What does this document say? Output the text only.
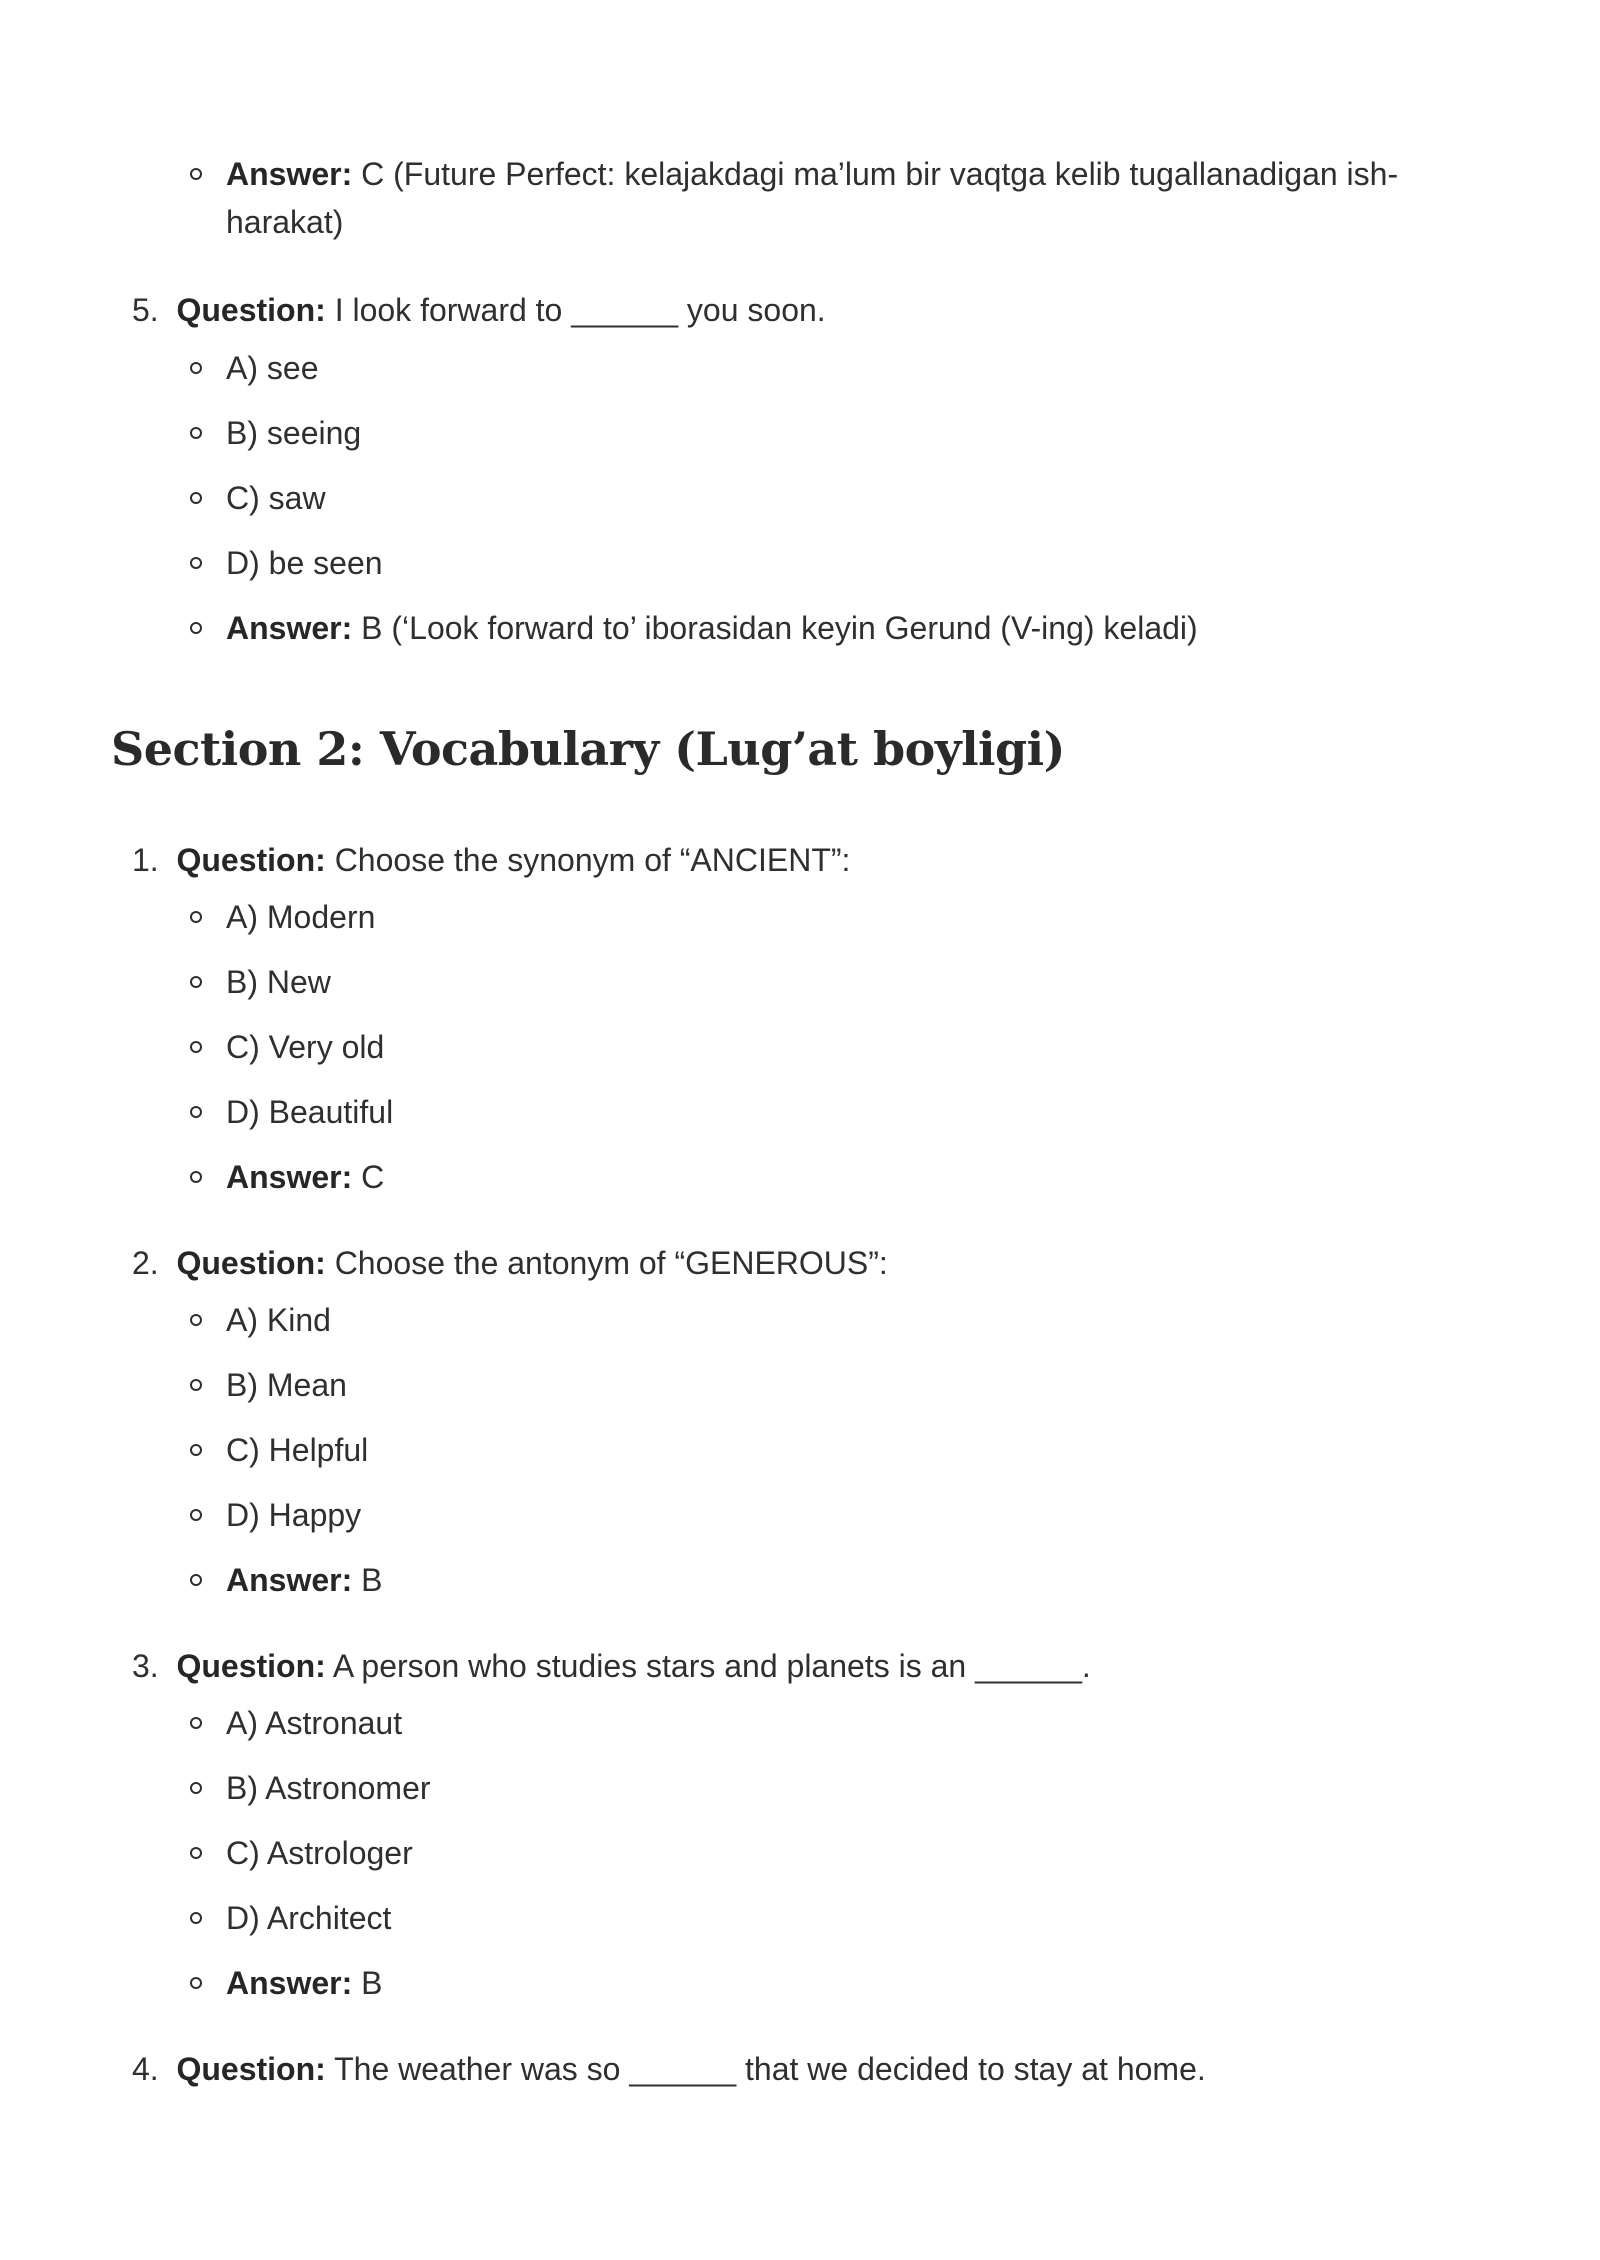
Answer: C (Future Perfect: kelajakdagi ma’lum bir vaqtga kelib tugallanadigan ish-
harakat)
5.  Question: I look forward to ______ you soon.
A) see
B) seeing
C) saw
D) be seen
Answer: B (‘Look forward to’ iborasidan keyin Gerund (V-ing) keladi)
Section 2: Vocabulary (Lug’at boyligi)
1.  Question: Choose the synonym of “ANCIENT”:
A) Modern
B) New
C) Very old
D) Beautiful
Answer: C
2.  Question: Choose the antonym of “GENEROUS”:
A) Kind
B) Mean
C) Helpful
D) Happy
Answer: B
3.  Question: A person who studies stars and planets is an ______.
A) Astronaut
B) Astronomer
C) Astrologer
D) Architect
Answer: B
4.  Question: The weather was so ______ that we decided to stay at home.
